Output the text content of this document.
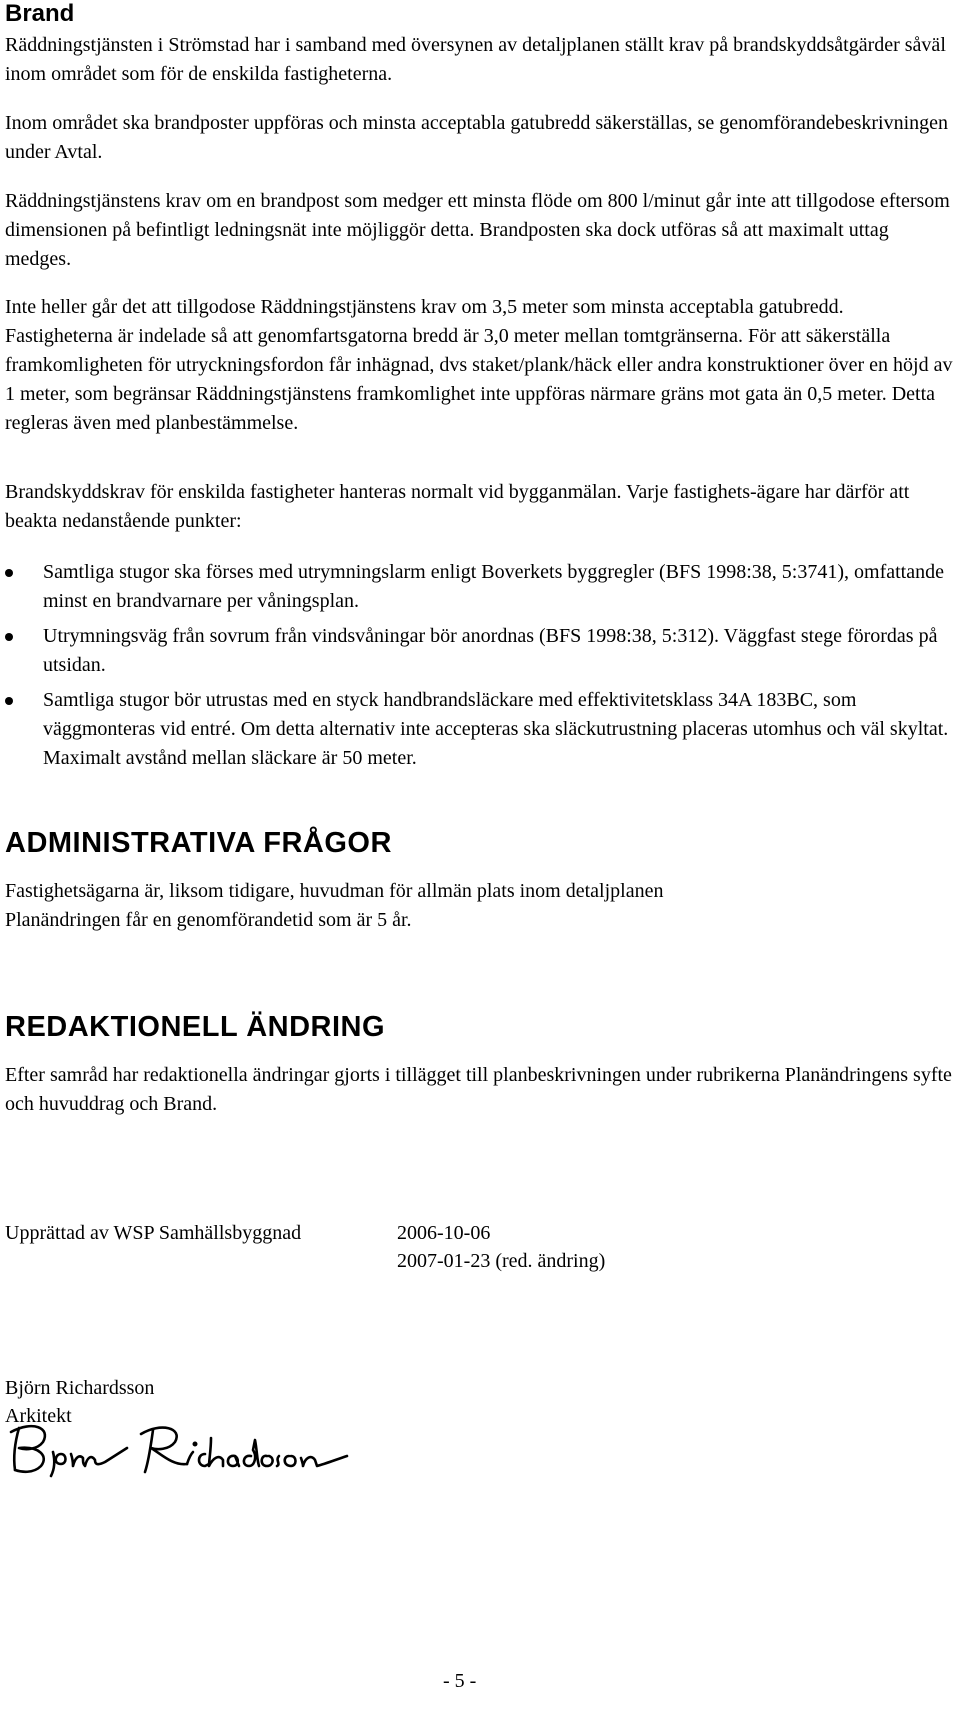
Brand

Räddningstjänsten i Strömstad har i samband med översynen av detaljplanen ställt krav på brandskyddsåtgärder såväl inom området som för de enskilda fastigheterna.

Inom området ska brandposter uppföras och minsta acceptabla gatubredd säkerställas, se genomförandebeskrivningen under Avtal.

Räddningstjänstens krav om en brandpost som medger ett minsta flöde om 800 l/minut går inte att tillgodose eftersom dimensionen på befintligt ledningsnät inte möjliggör detta. Brandposten ska dock utföras så att maximalt uttag medges.

Inte heller går det att tillgodose Räddningstjänstens krav om 3,5 meter som minsta acceptabla gatubredd. Fastigheterna är indelade så att genomfartsgatorna bredd är 3,0 meter mellan tomtgränserna. För att säkerställa framkomligheten för utryckningsfordon får inhägnad, dvs staket/plank/häck eller andra konstruktioner över en höjd av 1 meter, som begränsar Räddningstjänstens framkomlighet inte uppföras närmare gräns mot gata än 0,5 meter. Detta regleras även med planbestämmelse.

Brandskyddskrav för enskilda fastigheter hanteras normalt vid bygganmälan. Varje fastighets-ägare har därför att beakta nedanstående punkter:

Samtliga stugor ska förses med utrymningslarm enligt Boverkets byggregler (BFS 1998:38, 5:3741), omfattande minst en brandvarnare per våningsplan.
Utrymningsväg från sovrum från vindsvåningar bör anordnas (BFS 1998:38, 5:312). Väggfast stege förordas på utsidan.
Samtliga stugor bör utrustas med en styck handbrandsläckare med effektivitetsklass 34A 183BC, som väggmonteras vid entré. Om detta alternativ inte accepteras ska släckutrustning placeras utomhus och väl skyltat. Maximalt avstånd mellan släckare är 50 meter.
ADMINISTRATIVA FRÅGOR

Fastighetsägarna är, liksom tidigare, huvudman för allmän plats inom detaljplanen

Planändringen får en genomförandetid som är 5 år.

REDAKTIONELL ÄNDRING

Efter samråd har redaktionella ändringar gjorts i tillägget till planbeskrivningen under rubrikerna Planändringens syfte och huvuddrag och Brand.

Upprättad av WSP Samhällsbyggnad	2006-10-06

2007-01-23 (red. ändring)

Björn Richardsson

Arkitekt

- 5 -
